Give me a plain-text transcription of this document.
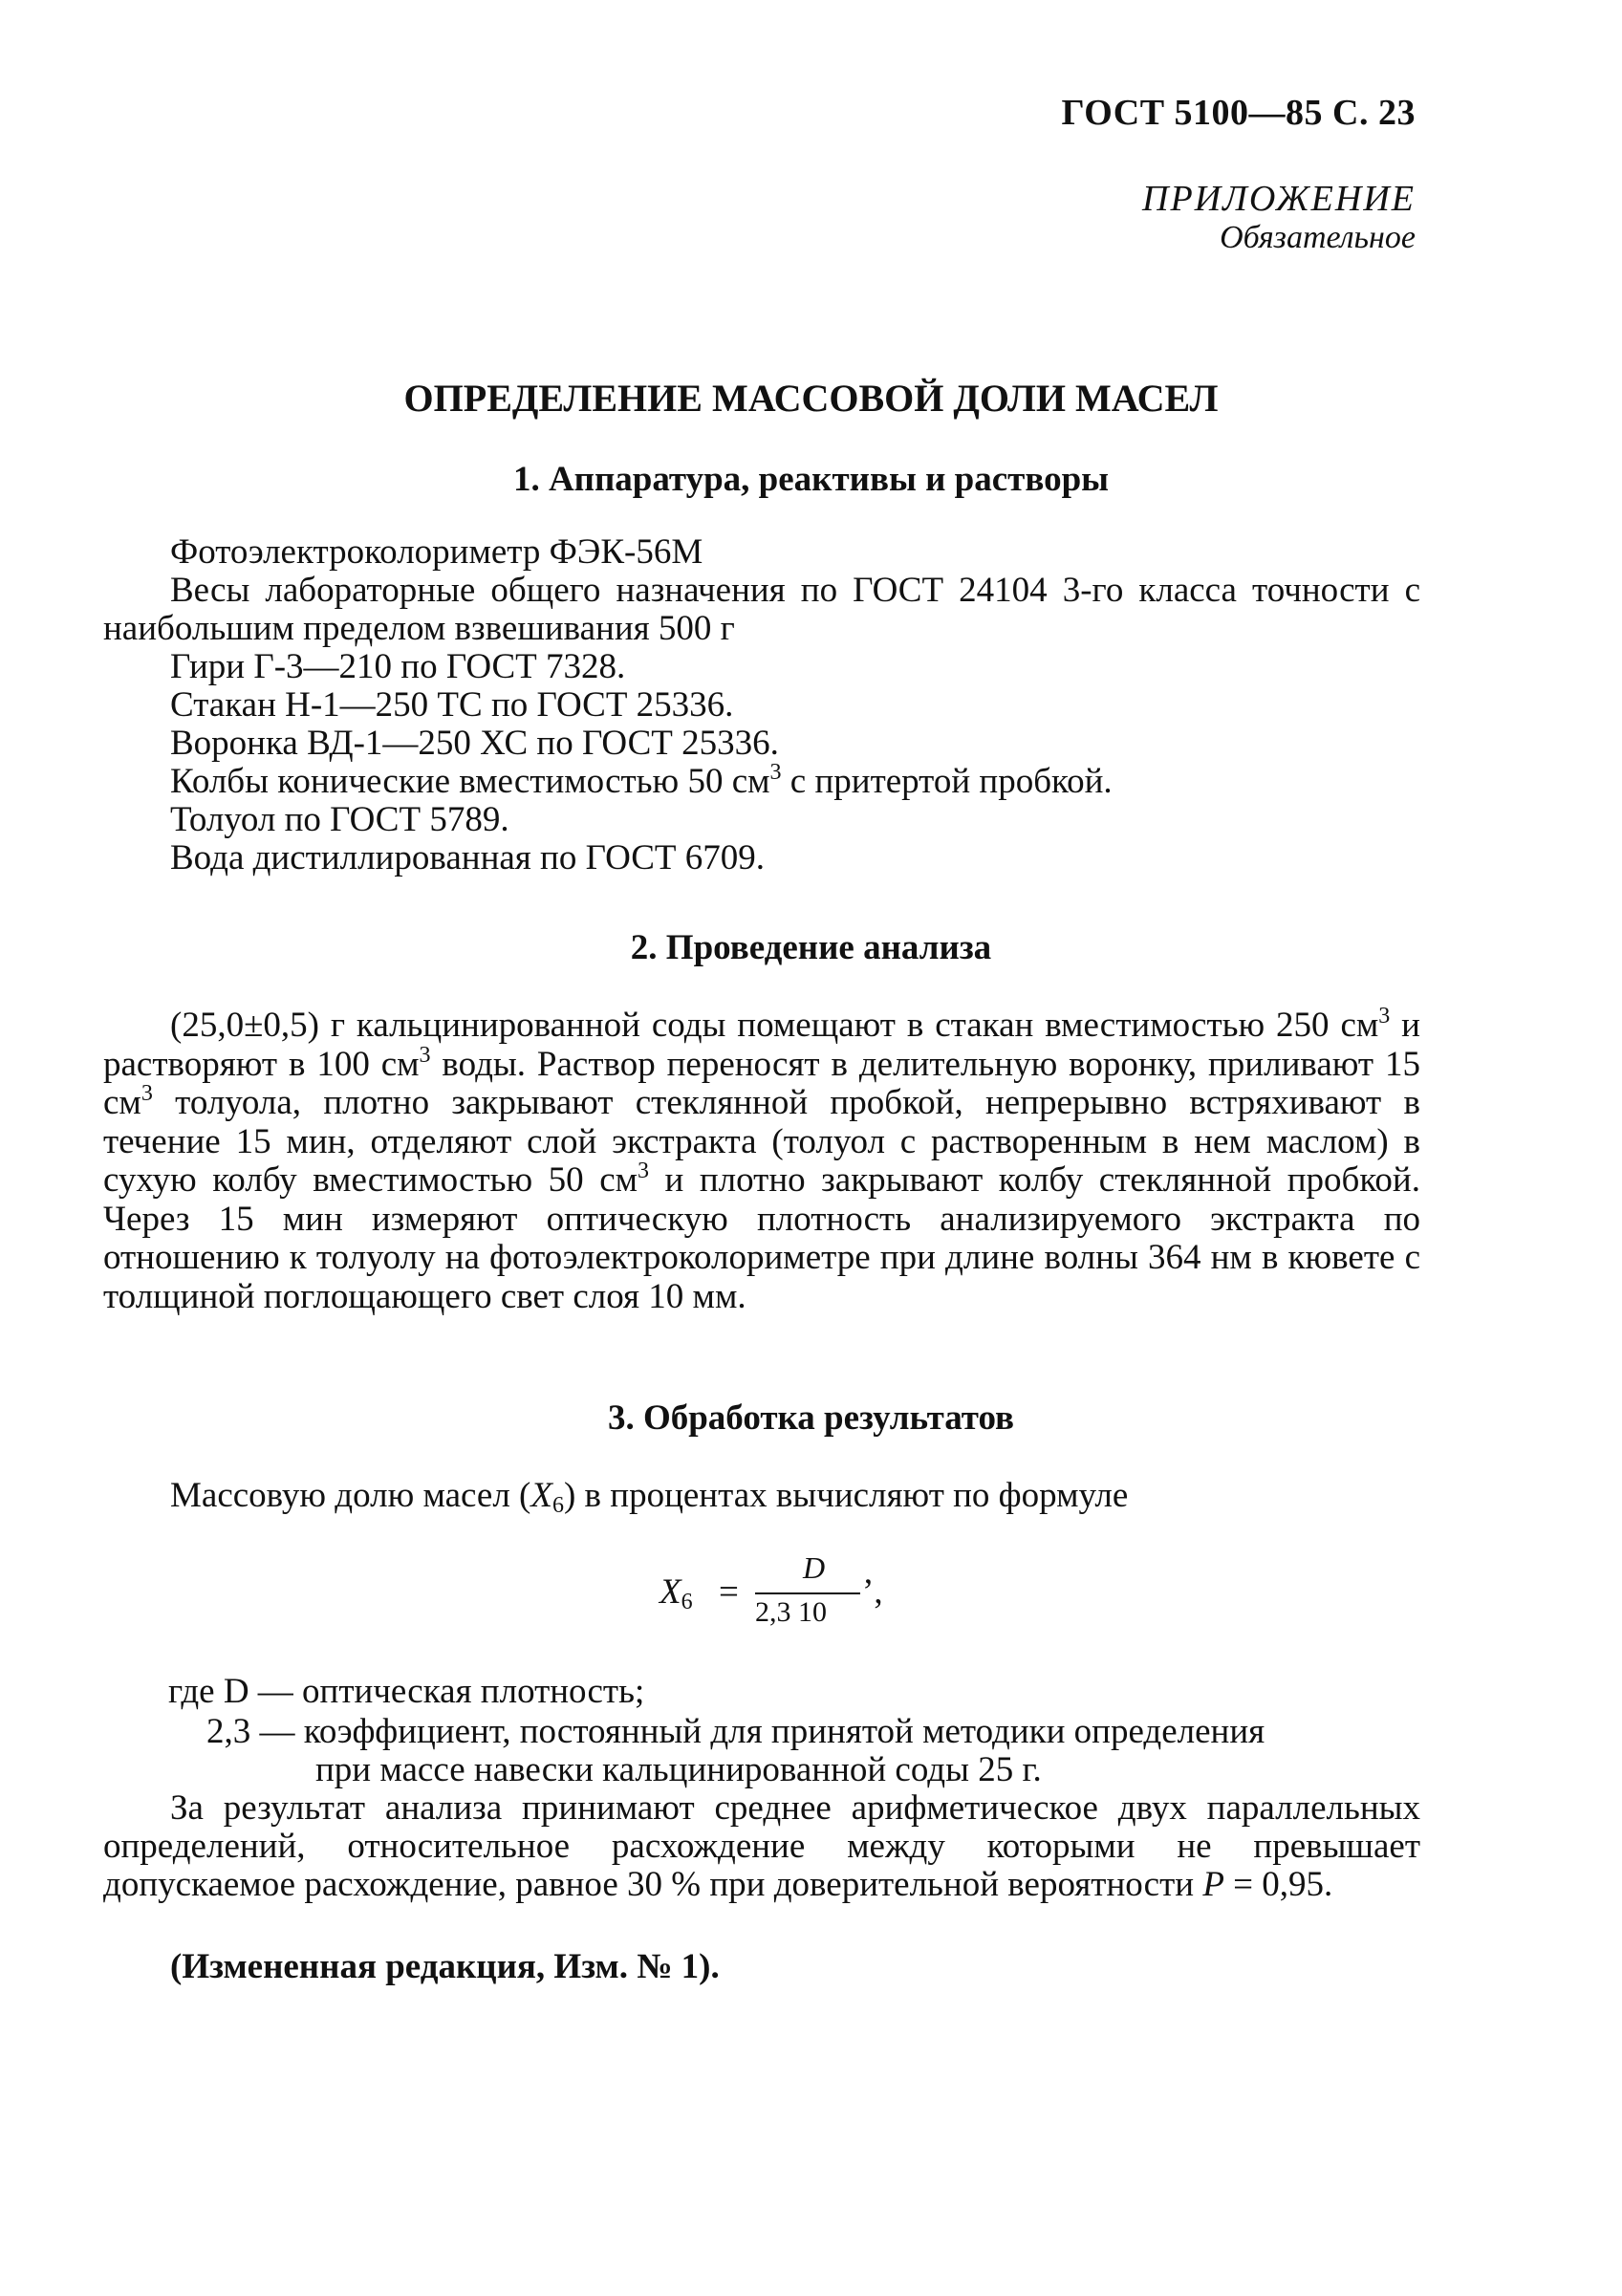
ГОСТ 5100—85 С. 23
ПРИЛОЖЕНИЕ
Обязательное
ОПРЕДЕЛЕНИЕ МАССОВОЙ ДОЛИ МАСЕЛ
1. Аппаратура, реактивы и растворы
Фотоэлектроколориметр ФЭК-56М
Весы лабораторные общего назначения по ГОСТ 24104 3-го класса точности с наибольшим пределом взвешивания 500 г
Гири Г-3—210 по ГОСТ 7328.
Стакан Н-1—250 ТС по ГОСТ 25336.
Воронка ВД-1—250 ХС по ГОСТ 25336.
Колбы конические вместимостью 50 $см^3$ с притертой пробкой.
Толуол по ГОСТ 5789.
Вода дистиллированная по ГОСТ 6709.
2. Проведение анализа
(25,0±0,5) г кальцинированной соды помещают в стакан вместимостью 250 $см^3$ и растворяют в 100 $см^3$ воды. Раствор переносят в делительную воронку, приливают 15 $см^3$ толуола, плотно закрывают стеклянной пробкой, непрерывно встряхивают в течение 15 мин, отделяют слой экстракта (толуол с растворенным в нем маслом) в сухую колбу вместимостью 50 $см^3$ и плотно закрывают колбу стеклянной пробкой. Через 15 мин измеряют оптическую плотность анализируемого экстракта по отношению к толуолу на фотоэлектроколориметре при длине волны 364 нм в кювете с толщиной поглощающего свет слоя 10 мм.
3. Обработка результатов
Массовую долю масел $(X_6)$ в процентах вычисляют по формуле
$X_6$ =
D
2,3 10
’,
где D — оптическая плотность;
2,3 — коэффициент, постоянный для принятой методики определения
при массе навески кальцинированной соды 25 г.
За результат анализа принимают среднее арифметическое двух параллельных определений, относительное расхождение между которыми не превышает допускаемое расхождение, равное 30 % при доверительной вероятности P = 0,95.
(Измененная редакция, Изм. № 1).
